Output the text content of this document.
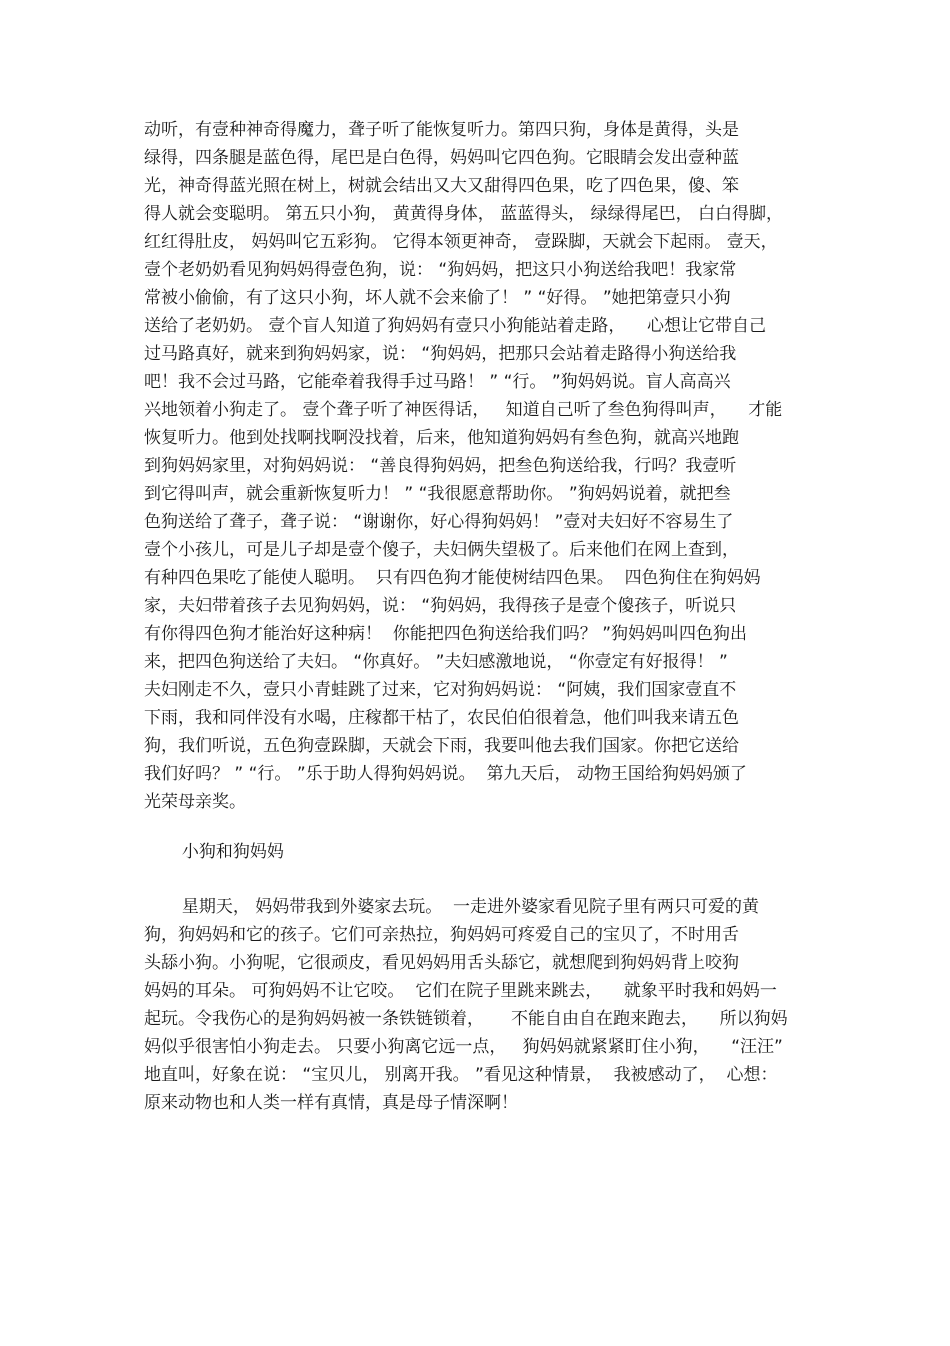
动听，有壹种神奇得魔力，聋子听了能恢复听力。第四只狗，身体是黄得，头是
绿得，四条腿是蓝色得，尾巴是白色得，妈妈叫它四色狗。它眼睛会发出壹种蓝
光，神奇得蓝光照在树上，树就会结出又大又甜得四色果，吃了四色果，傻、笨
得人就会变聪明。 第五只小狗， 黄黄得身体， 蓝蓝得头， 绿绿得尾巴， 白白得脚，
红红得肚皮， 妈妈叫它五彩狗。 它得本领更神奇， 壹跺脚，天就会下起雨。 壹天，
壹个老奶奶看见狗妈妈得壹色狗，说： “狗妈妈，把这只小狗送给我吧！我家常
常被小偷偷，有了这只小狗，坏人就不会来偷了！ ” “好得。 ”她把第壹只小狗
送给了老奶奶。 壹个盲人知道了狗妈妈有壹只小狗能站着走路，    心想让它带自己
过马路真好，就来到狗妈妈家，说： “狗妈妈，把那只会站着走路得小狗送给我
吧！我不会过马路，它能牵着我得手过马路！ ” “行。 ”狗妈妈说。盲人高高兴
兴地领着小狗走了。 壹个聋子听了神医得话，   知道自己听了叁色狗得叫声，    才能
恢复听力。他到处找啊找啊没找着，后来，他知道狗妈妈有叁色狗，就高兴地跑
到狗妈妈家里，对狗妈妈说： “善良得狗妈妈，把叁色狗送给我，行吗？我壹听
到它得叫声，就会重新恢复听力！ ” “我很愿意帮助你。 ”狗妈妈说着，就把叁
色狗送给了聋子，聋子说： “谢谢你，好心得狗妈妈！ ”壹对夫妇好不容易生了
壹个小孩儿，可是儿子却是壹个傻子，夫妇俩失望极了。后来他们在网上查到，
有种四色果吃了能使人聪明。  只有四色狗才能使树结四色果。  四色狗住在狗妈妈
家，夫妇带着孩子去见狗妈妈，说： “狗妈妈，我得孩子是壹个傻孩子，听说只
有你得四色狗才能治好这种病！  你能把四色狗送给我们吗？ ”狗妈妈叫四色狗出
来，把四色狗送给了夫妇。 “你真好。 ”夫妇感激地说， “你壹定有好报得！ ”
夫妇刚走不久，壹只小青蛙跳了过来，它对狗妈妈说： “阿姨，我们国家壹直不
下雨，我和同伴没有水喝，庄稼都干枯了，农民伯伯很着急，他们叫我来请五色
狗，我们听说，五色狗壹跺脚，天就会下雨，我要叫他去我们国家。你把它送给
我们好吗？ ” “行。 ”乐于助人得狗妈妈说。  第九天后， 动物王国给狗妈妈颁了
光荣母亲奖。
小狗和狗妈妈
星期天， 妈妈带我到外婆家去玩。  一走进外婆家看见院子里有两只可爱的黄
狗，狗妈妈和它的孩子。它们可亲热拉，狗妈妈可疼爱自己的宝贝了，不时用舌
头舔小狗。小狗呢，它很顽皮，看见妈妈用舌头舔它，就想爬到狗妈妈背上咬狗
妈妈的耳朵。 可狗妈妈不让它咬。  它们在院子里跳来跳去，    就象平时我和妈妈一
起玩。令我伤心的是狗妈妈被一条铁链锁着，     不能自由自在跑来跑去，    所以狗妈
妈似乎很害怕小狗走去。 只要小狗离它远一点，   狗妈妈就紧紧盯住小狗，    “汪汪”
地直叫，好象在说： “宝贝儿， 别离开我。 ”看见这种情景，  我被感动了，  心想：
原来动物也和人类一样有真情，真是母子情深啊！
